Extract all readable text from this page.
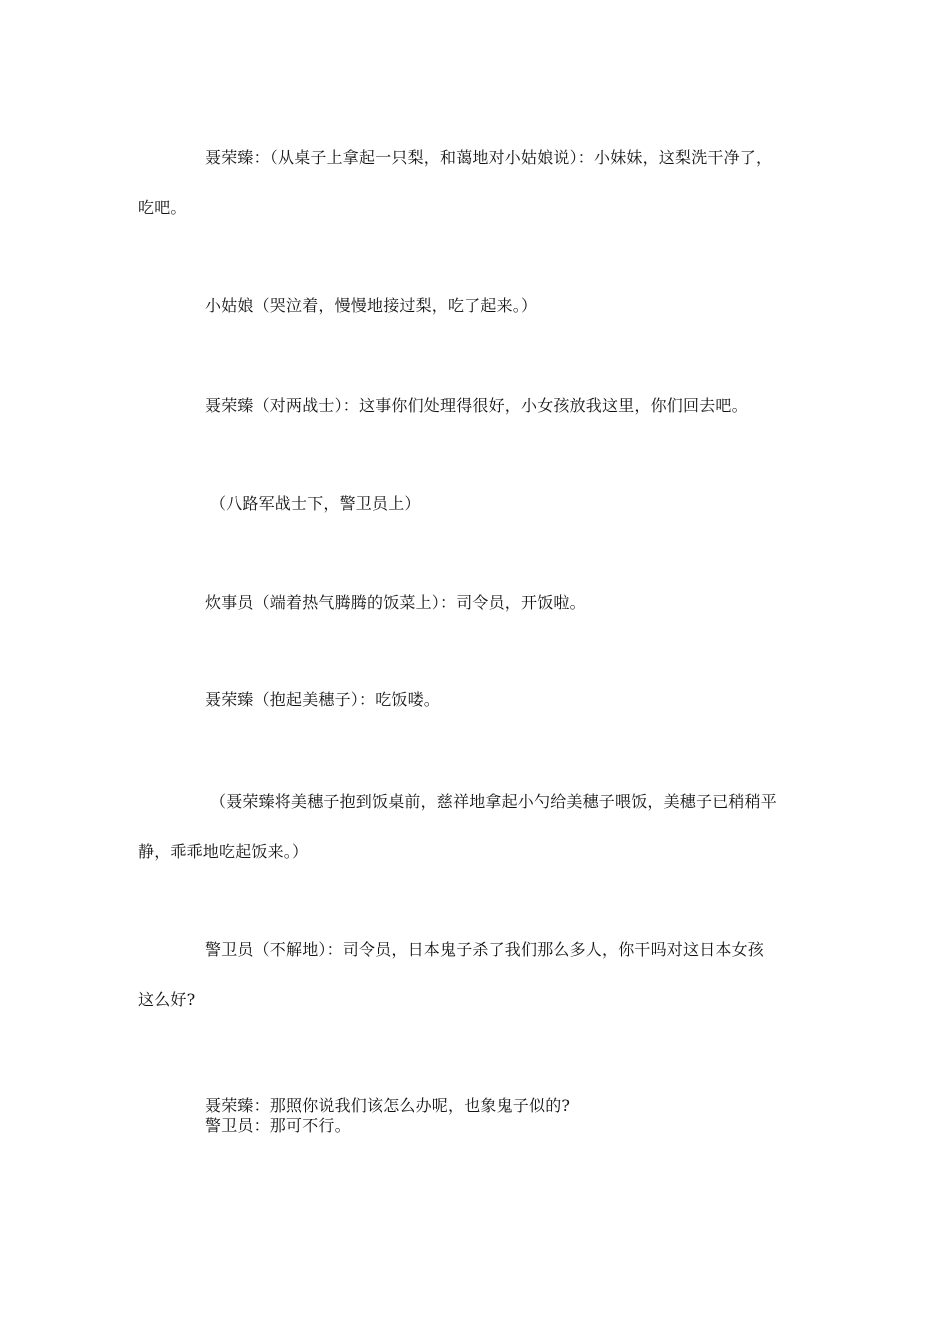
聂荣臻：（从桌子上拿起一只梨，和蔼地对小姑娘说）：小妹妹，这梨洗干净了，
吃吧。
小姑娘（哭泣着，慢慢地接过梨，吃了起来。）
聂荣臻（对两战士）：这事你们处理得很好，小女孩放我这里，你们回去吧。
（八路军战士下，警卫员上）
炊事员（端着热气腾腾的饭菜上）：司令员，开饭啦。
聂荣臻（抱起美穗子）：吃饭喽。
（聂荣臻将美穗子抱到饭桌前，慈祥地拿起小勺给美穗子喂饭，美穗子已稍稍平
静，乖乖地吃起饭来。）
警卫员（不解地）：司令员，日本鬼子杀了我们那么多人，你干吗对这日本女孩
这么好?
聂荣臻：那照你说我们该怎么办呢，也象鬼子似的?
警卫员：那可不行。
